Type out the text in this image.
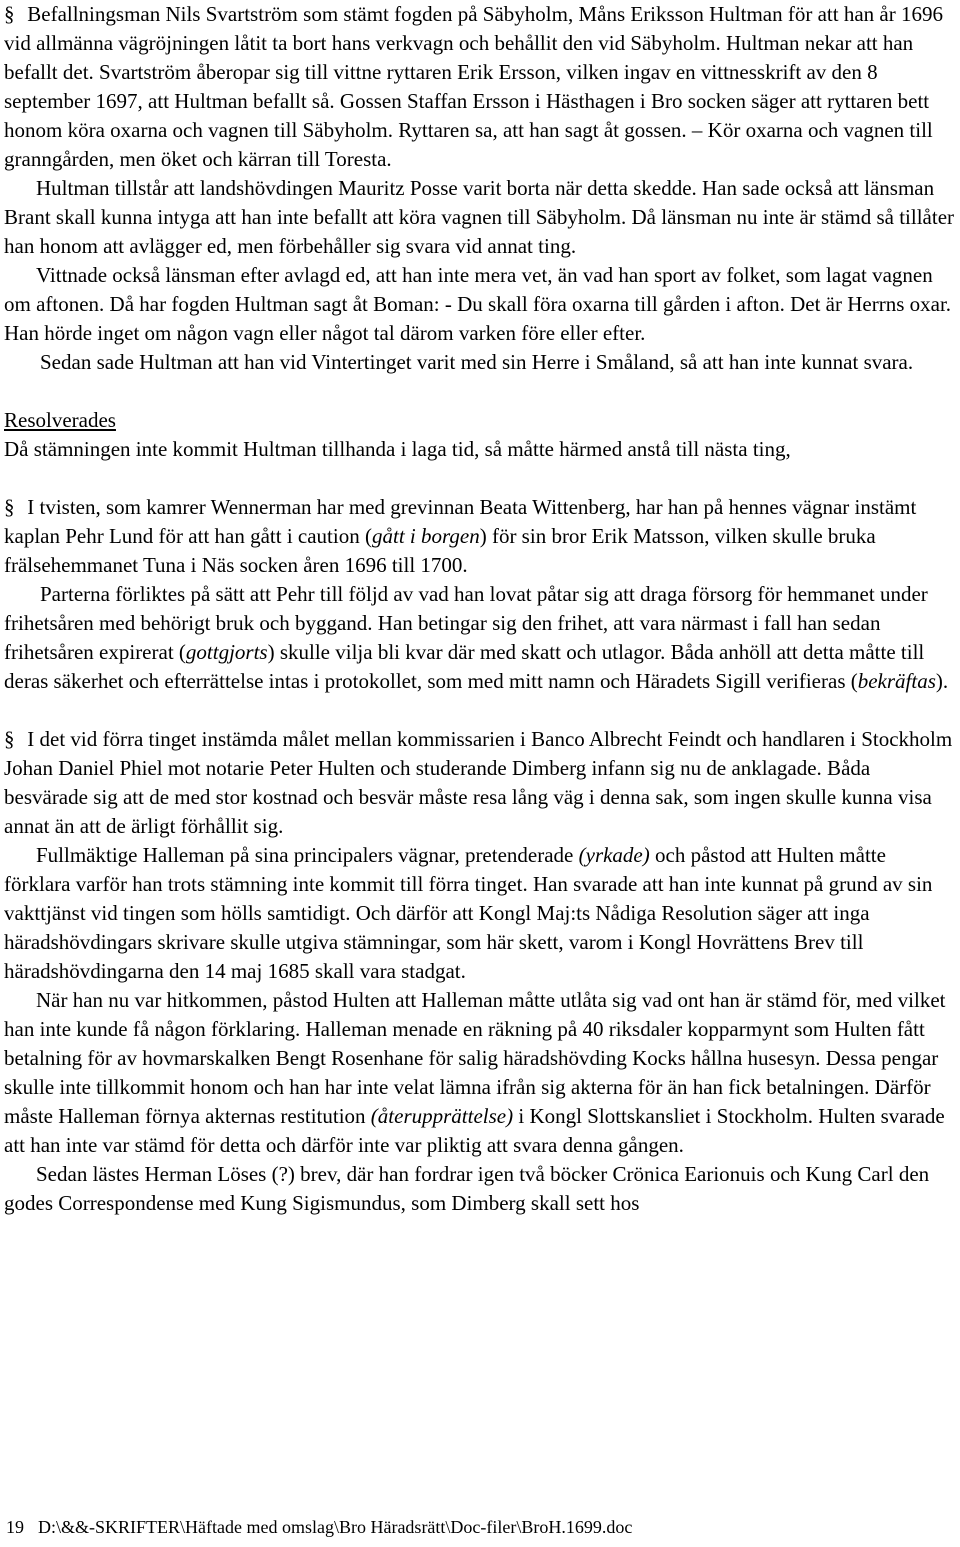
§ Befallningsman Nils Svartström som stämt fogden på Säbyholm, Måns Eriksson Hultman för att han år 1696 vid allmänna vägröjningen låtit ta bort hans verkvagn och behållit den vid Säbyholm. Hultman nekar att han befallt det. Svartström åberopar sig till vittne ryttaren Erik Ersson, vilken ingav en vittnesskrift av den 8 september 1697, att Hultman befallt så. Gossen Staffan Ersson i Hästhagen i Bro socken säger att ryttaren bett honom köra oxarna och vagnen till Säbyholm. Ryttaren sa, att han sagt åt gossen. – Kör oxarna och vagnen till granngården, men öket och kärran till Toresta.

Hultman tillstår att landshövdingen Mauritz Posse varit borta när detta skedde. Han sade också att länsman Brant skall kunna intyga att han inte befallt att köra vagnen till Säbyholm. Då länsman nu inte är stämd så tillåter han honom att avlägger ed, men förbehåller sig svara vid annat ting.

Vittnade också länsman efter avlagd ed, att han inte mera vet, än vad han sport av folket, som lagat vagnen om aftonen. Då har fogden Hultman sagt åt Boman: - Du skall föra oxarna till gården i afton. Det är Herrns oxar. Han hörde inget om någon vagn eller något tal därom varken före eller efter.

Sedan sade Hultman att han vid Vintertinget varit med sin Herre i Småland, så att han inte kunnat svara.

Resolverades

Då stämningen inte kommit Hultman tillhanda i laga tid, så måtte härmed anstå till nästa ting,

§ I tvisten, som kamrer Wennerman har med grevinnan Beata Wittenberg, har han på hennes vägnar instämt kaplan Pehr Lund för att han gått i caution (gått i borgen) för sin bror Erik Matsson, vilken skulle bruka frälsehemmanet Tuna i Näs socken åren 1696 till 1700.

Parterna förliktes på sätt att Pehr till följd av vad han lovat påtar sig att draga försorg för hemmanet under frihetsåren med behörigt bruk och byggand. Han betingar sig den frihet, att vara närmast i fall han sedan frihetsåren expirerat (gottgjorts) skulle vilja bli kvar där med skatt och utlagor. Båda anhöll att detta måtte till deras säkerhet och efterrättelse intas i protokollet, som med mitt namn och Häradets Sigill verifieras (bekräftas).

§ I det vid förra tinget instämda målet mellan kommissarien i Banco Albrecht Feindt och handlaren i Stockholm Johan Daniel Phiel mot notarie Peter Hulten och studerande Dimberg infann sig nu de anklagade. Båda besvärade sig att de med stor kostnad och besvär måste resa lång väg i denna sak, som ingen skulle kunna visa annat än att de ärligt förhållit sig.

Fullmäktige Halleman på sina principalers vägnar, pretenderade (yrkade) och påstod att Hulten måtte förklara varför han trots stämning inte kommit till förra tinget. Han svarade att han inte kunnat på grund av sin vakttjänst vid tingen som hölls samtidigt. Och därför att Kongl Maj:ts Nådiga Resolution säger att inga häradshövdingars skrivare skulle utgiva stämningar, som här skett, varom i Kongl Hovrättens Brev till häradshövdingarna den 14 maj 1685 skall vara stadgat.

När han nu var hitkommen, påstod Hulten att Halleman måtte utlåta sig vad ont han är stämd för, med vilket han inte kunde få någon förklaring. Halleman menade en räkning på 40 riksdaler kopparmynt som Hulten fått betalning för av hovmarskalken Bengt Rosenhane för salig häradshövding Kocks hållna husesyn. Dessa pengar skulle inte tillkommit honom och han har inte velat lämna ifrån sig akterna för än han fick betalningen. Därför måste Halleman förnya akternas restitution (återupprättelse) i Kongl Slottskansliet i Stockholm. Hulten svarade att han inte var stämd för detta och därför inte var pliktig att svara denna gången.

Sedan lästes Herman Löses (?) brev, där han fordrar igen två böcker Crönica Earionuis och Kung Carl den godes Correspondense med Kung Sigismundus, som Dimberg skall sett hos

19 D:\&&-SKRIFTER\Häftade med omslag\Bro Häradsrätt\Doc-filer\BroH.1699.doc
